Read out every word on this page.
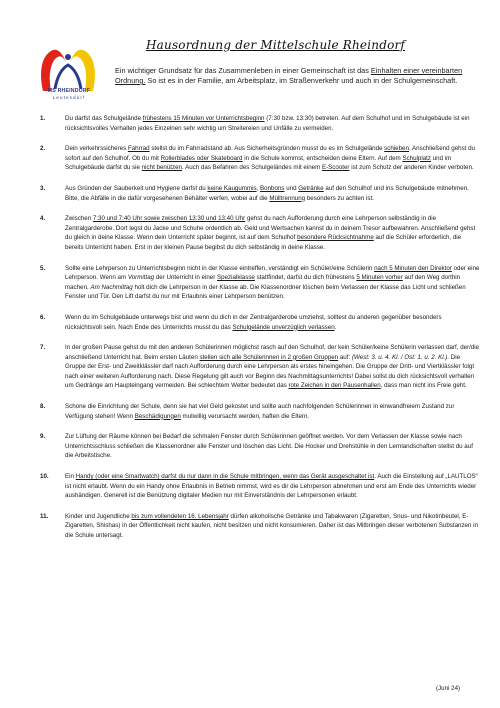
MS RHEINDORF
Leutesdorf
Hausordnung der Mittelschule Rheindorf
Ein wichtiger Grundsatz für das Zusammenleben in einer Gemeinschaft ist das Einhalten einer vereinbarten Ordnung. So ist es in der Familie, am Arbeitsplatz, im Straßenverkehr und auch in der Schulgemeinschaft.
1.	Du darfst das Schulgelände frühestens 15 Minuten vor Unterrichtsbeginn (7:30 bzw. 13:30) betreten. Auf dem Schulhof und im Schulgebäude ist ein rücksichtsvolles Verhalten jedes Einzelnen sehr wichtig um Streitereien und Unfälle zu vermeiden.
2.	Dein verkehrssicheres Fahrrad stellst du im Fahrradstand ab. Aus Sicherheitsgründen musst du es im Schulgelände schieben. Anschließend gehst du sofort auf den Schulhof. Ob du mit Rollerblades oder Skateboard in die Schule kommst, entscheiden deine Eltern. Auf dem Schulplatz und im Schulgebäude darfst du sie nicht benützen. Auch das Befahren des Schulgeländes mit einem E-Scooter ist zum Schutz der anderen Kinder verboten.
3.	Aus Gründen der Sauberkeit und Hygiene darfst du keine Kaugummis, Bonbons und Getränke auf den Schulhof und ins Schulgebäude mitnehmen. Bitte, die Abfälle in die dafür vorgesehenen Behälter werfen, wobei auf die Mülltrennung besonders zu achten ist.
4.	Zwischen 7:30 und 7:40 Uhr sowie zwischen 13:30 und 13:40 Uhr gehst du nach Aufforderung durch eine Lehrperson selbständig in die Zentralgarderobe. Dort legst du Jacke und Schuhe ordentlich ab. Geld und Wertsachen kannst du in deinem Tresor aufbewahren. Anschließend gehst du gleich in deine Klasse. Wenn dein Unterricht später beginnt, ist auf dem Schulhof besondere Rücksichtnahme auf die Schüler erforderlich, die bereits Unterricht haben. Erst in der kleinen Pause begibst du dich selbständig in deine Klasse.
5.	Sollte eine Lehrperson zu Unterrichtsbeginn nicht in der Klasse eintreffen, verständigt ein Schüler/eine Schülerin nach 5 Minuten den Direktor oder eine Lehrperson. Wenn am Vormittag der Unterricht in einer Spezialklasse stattfindet, darfst du dich frühestens 5 Minuten vorher auf den Weg dorthin machen. Am Nachmittag holt dich die Lehrperson in der Klasse ab. Die Klassenordner löschen beim Verlassen der Klasse das Licht und schließen Fenster und Tür. Den Lift darfst du nur mit Erlaubnis einer Lehrperson benützen.
6.	Wenn du im Schulgebäude unterwegs bist und wenn du dich in der Zentralgarderobe umziehst, solltest du anderen gegenüber besonders rücksichtsvoll sein. Nach Ende des Unterrichts musst du das Schulgelände unverzüglich verlassen.
7.	In der großen Pause gehst du mit den anderen Schülerinnen möglichst rasch auf den Schulhof, der kein Schüler/keine Schülerin verlassen darf, der/die anschließend Unterricht hat. Beim ersten Läuten stellen sich alle Schülerinnen in 2 großen Gruppen auf: (West: 3. u. 4. Kl. / Ost: 1. u. 2. Kl.). Die Gruppe der Erst- und Zweitklässler darf nach Aufforderung durch eine Lehrperson als erstes hineingehen. Die Gruppe der Dritt- und Viertklässler folgt nach einer weiteren Aufforderung nach. Diese Regelung gilt auch vor Beginn des Nachmittagsunterrichts! Dabei sollst du dich rücksichtsvoll verhalten um Gedränge am Haupteingang vermeiden. Bei schlechtem Wetter bedeutet das rote Zeichen in den Pausenhallen, dass man nicht ins Freie geht.
8.	Schone die Einrichtung der Schule, denn sie hat viel Geld gekostet und sollte auch nachfolgenden Schülerinnen in einwandfreiem Zustand zur Verfügung stehen! Wenn Beschädigungen mutwillig verursacht werden, haften die Eltern.
9.	Zur Lüftung der Räume können bei Bedarf die schmalen Fenster durch Schülerinnen geöffnet werden. Vor dem Verlassen der Klasse sowie nach Unterrichtsschluss schließen die Klassenordner alle Fenster und löschen das Licht. Die Hocker und Drehstühle in den Lernlandschaften stellst du auf die Arbeitstische.
10.	Ein Handy (oder eine Smartwatch) darfst du nur dann in die Schule mitbringen, wenn das Gerät ausgeschaltet ist. Auch die Einstellung auf „LAUTLOS“ ist nicht erlaubt. Wenn du ein Handy ohne Erlaubnis in Betrieb nimmst, wird es dir die Lehrperson abnehmen und erst am Ende des Unterrichts wieder aushändigen. Generell ist die Benützung digitaler Medien nur mit Einverständnis der Lehrpersonen erlaubt.
11.	Kinder und Jugendliche bis zum vollendeten 16. Lebensjahr dürfen alkoholische Getränke und Tabakwaren (Zigaretten, Snus- und Nikotinbeutel, E-Zigaretten, Shishas) in der Öffentlichkeit nicht kaufen, nicht besitzen und nicht konsumieren. Daher ist das Mitbringen dieser verbotenen Substanzen in die Schule untersagt.
(Juni 24)
